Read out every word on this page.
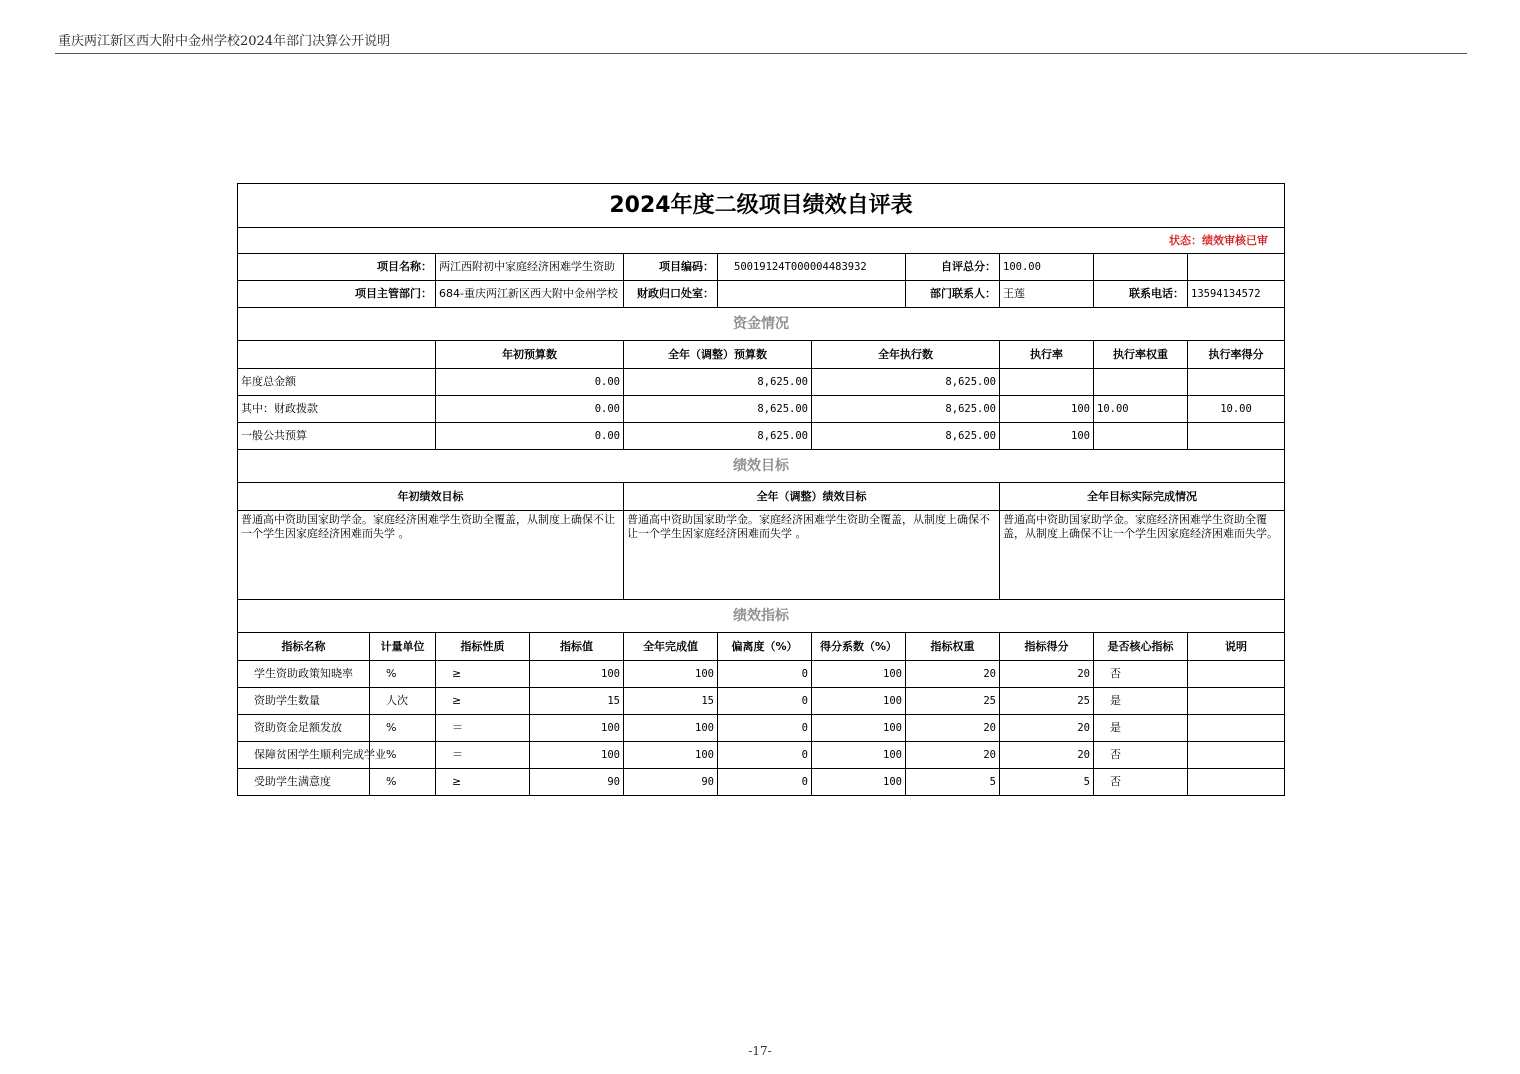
重庆两江新区西大附中金州学校2024年部门决算公开说明
2024年度二级项目绩效自评表										
状态：绩效审核已审										
项目名称：		两江西附初中家庭经济困难学生资助		项目编码：	50019124T000004483932		自评总分：	100.00		
项目主管部门：		684-重庆两江新区西大附中金州学校		财政归口处室：			部门联系人：	王莲	联系电话：	13594134572
资金情况										
		年初预算数		全年（调整）预算数		全年执行数		执行率	执行率权重	执行率得分
年度总金额		0.00		8,625.00		8,625.00				
其中：财政拨款		0.00		8,625.00		8,625.00		100	10.00	10.00
一般公共预算		0.00		8,625.00		8,625.00		100		
绩效目标										
年初绩效目标				全年（调整）绩效目标				全年目标实际完成情况		
普通高中资助国家助学金。家庭经济困难学生资助全覆盖，从制度上确保不让一个学生因家庭经济困难而失学 。				普通高中资助国家助学金。家庭经济困难学生资助全覆盖，从制度上确保不让一个学生因家庭经济困难而失学 。				普通高中资助国家助学金。家庭经济困难学生资助全覆盖，从制度上确保不让一个学生因家庭经济困难而失学。		
绩效指标										
指标名称	计量单位	指标性质	指标值	全年完成值	偏离度（%）	得分系数（%）	指标权重	指标得分	是否核心指标	说明
学生资助政策知晓率	%	≥	100	100	0	100	20	20	否	
资助学生数量	人次	≥	15	15	0	100	25	25	是	
资助资金足额发放	%	＝	100	100	0	100	20	20	是	
保障贫困学生顺利完成学业	%	＝	100	100	0	100	20	20	否	
受助学生满意度	%	≥	90	90	0	100	5	5	否	
-17-
